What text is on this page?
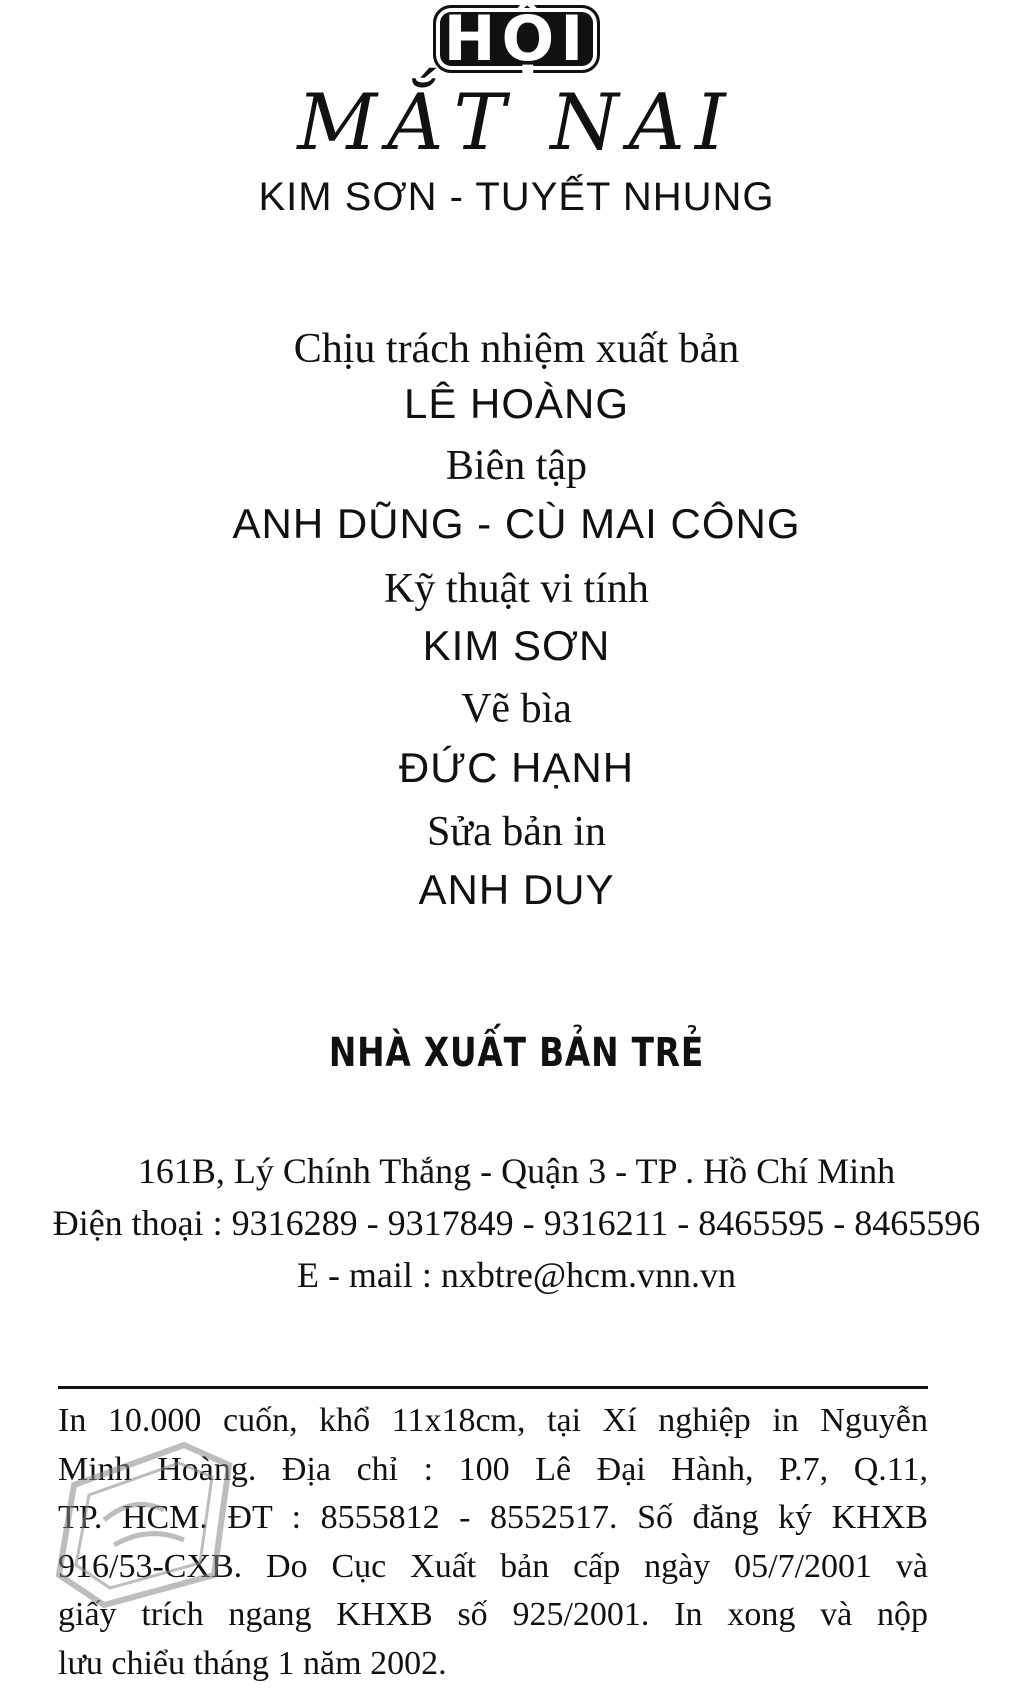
HỘI
MẮT NAI
KIM SƠN - TUYẾT NHUNG
Chịu trách nhiệm xuất bản
LÊ HOÀNG
Biên tập
ANH DŨNG - CÙ MAI CÔNG
Kỹ thuật vi tính
KIM SƠN
Vẽ bìa
ĐỨC HẠNH
Sửa bản in
ANH DUY
NHÀ XUẤT BẢN TRẺ
161B, Lý Chính Thắng - Quận 3 - TP . Hồ Chí Minh
Điện thoại : 9316289 - 9317849 - 9316211 - 8465595 - 8465596
E - mail : nxbtre@hcm.vnn.vn
In 10.000 cuốn, khổ 11x18cm, tại Xí nghiệp in Nguyễn
Minh Hoàng. Địa chỉ : 100 Lê Đại Hành, P.7, Q.11,
TP. HCM. ĐT : 8555812 - 8552517. Số đăng ký KHXB
916/53-CXB. Do Cục Xuất bản cấp ngày 05/7/2001 và
giấy trích ngang KHXB số 925/2001. In xong và nộp
lưu chiểu tháng 1 năm 2002.
